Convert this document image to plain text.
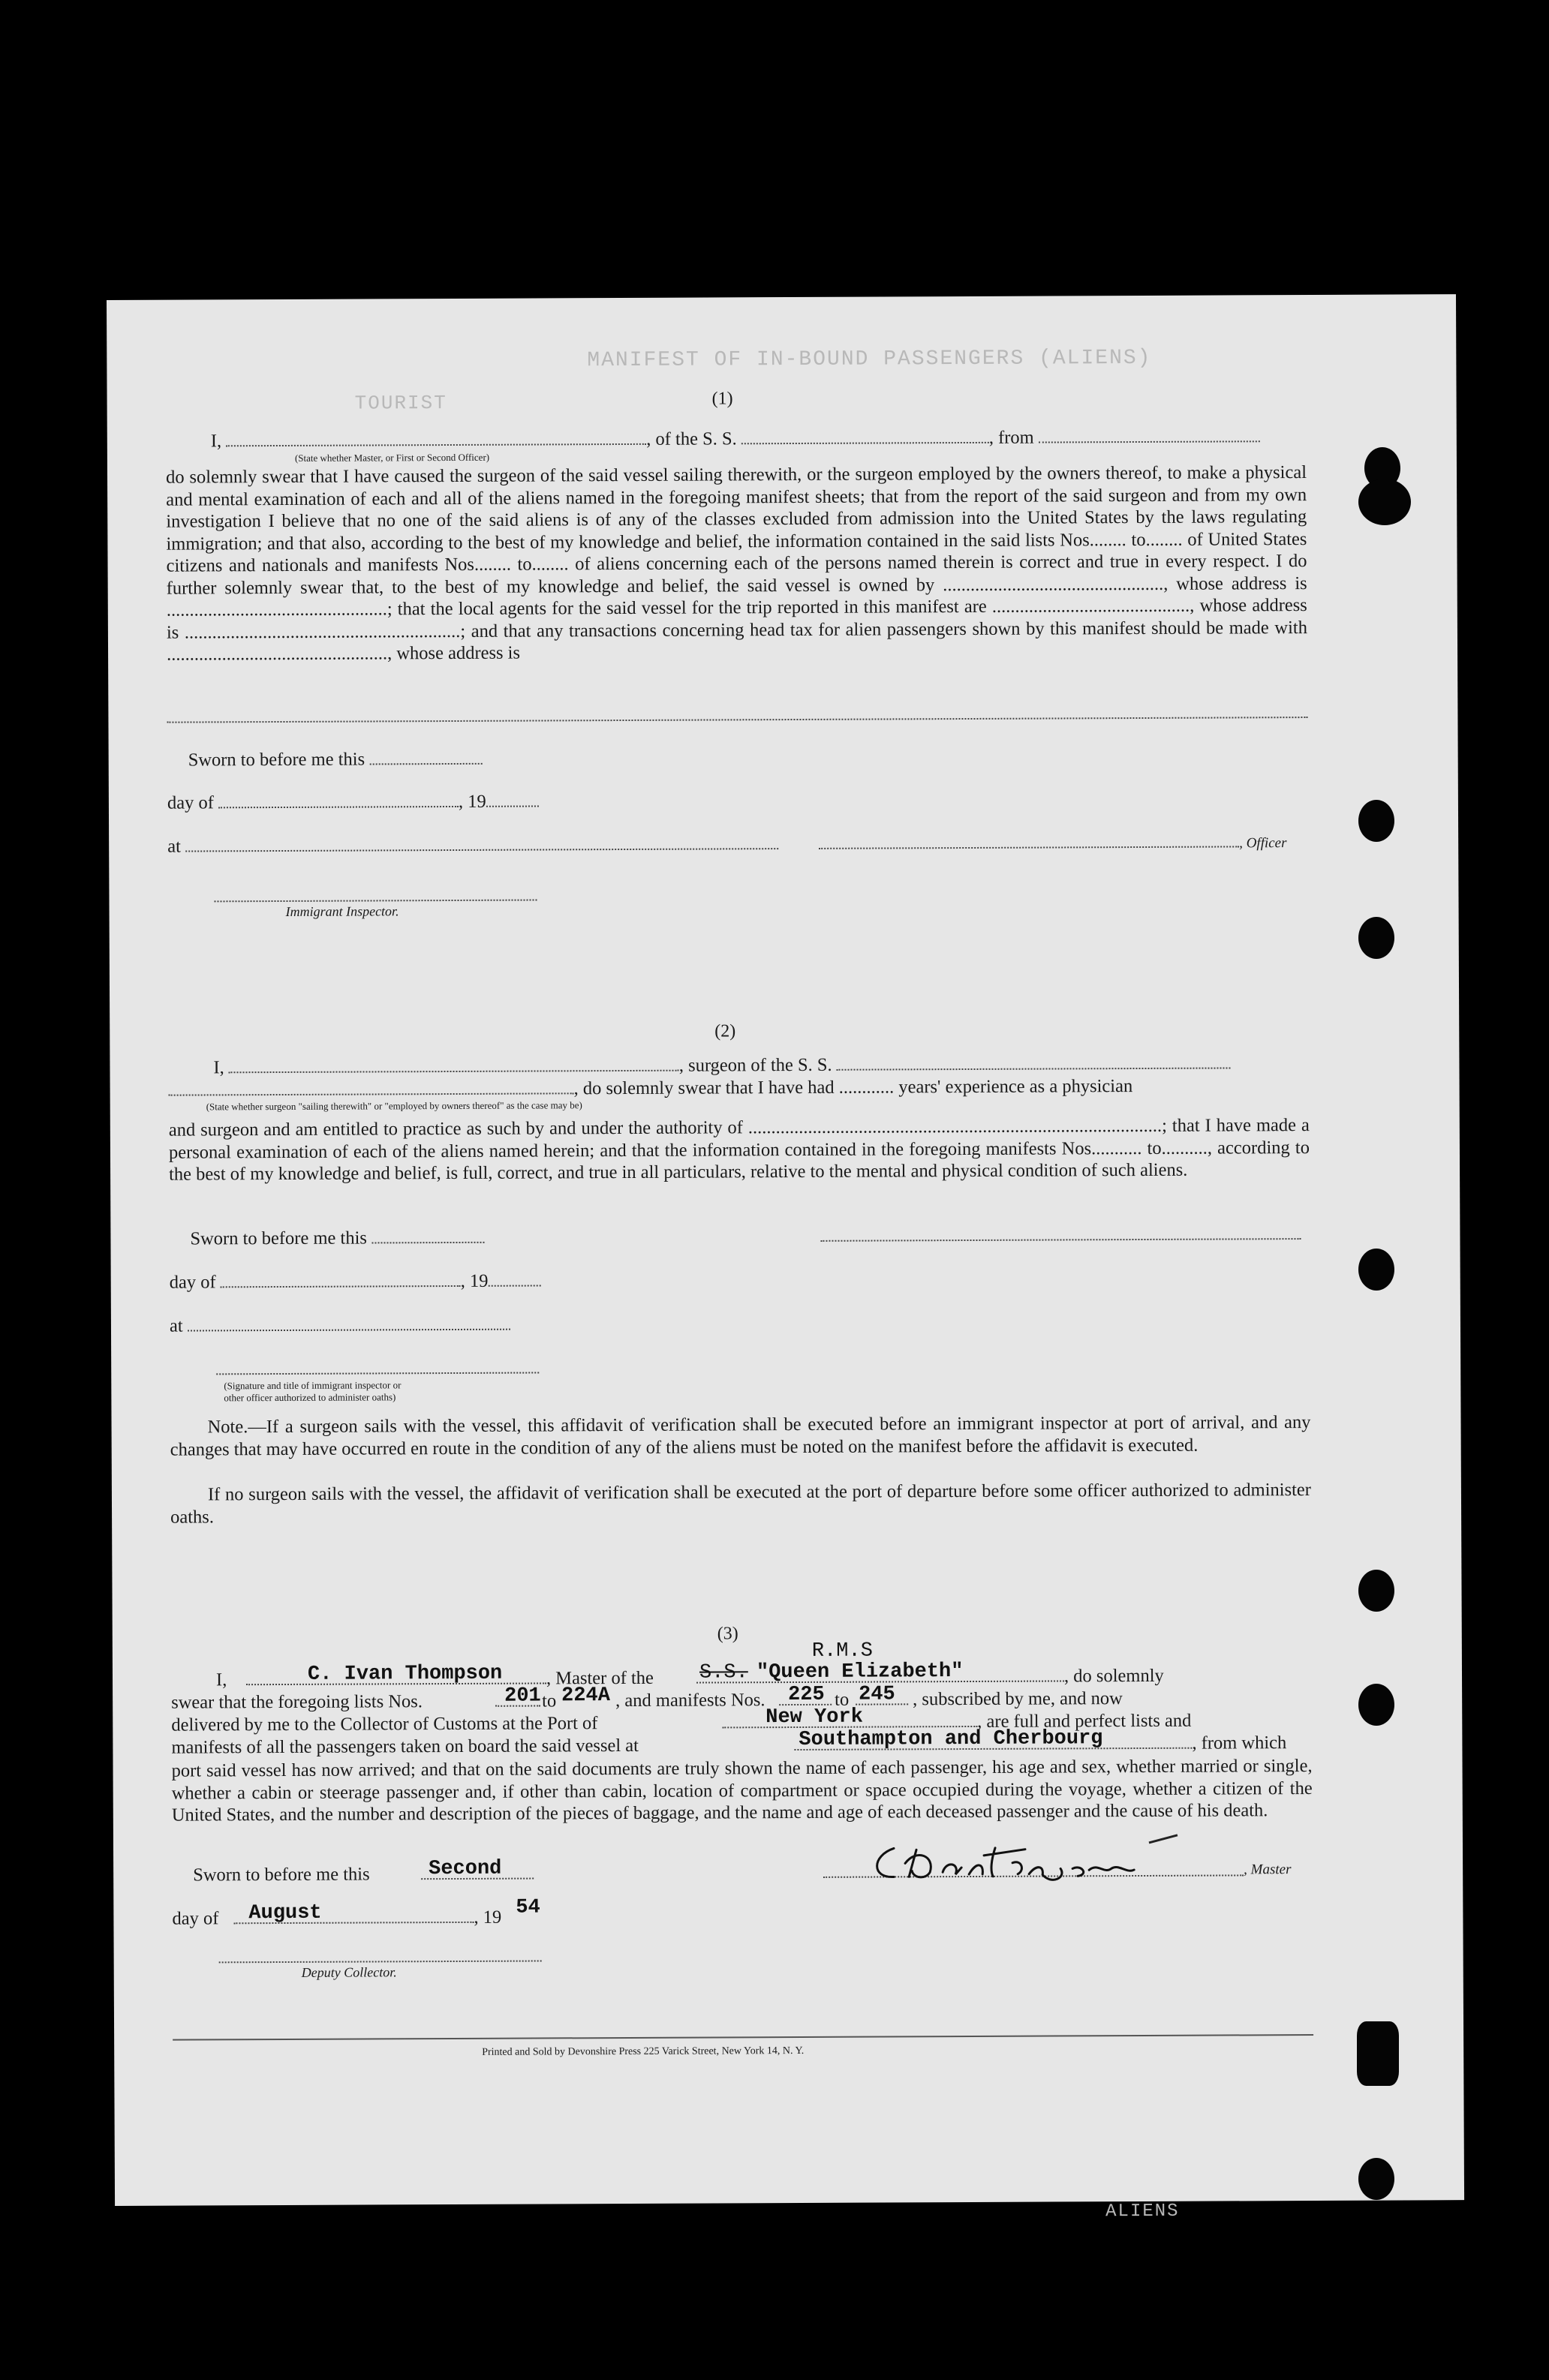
MANIFEST OF IN-BOUND PASSENGERS (ALIENS)
TOURIST	(1)
I,	, of the S. S.	, from
(State whether Master, or First or Second Officer)
do solemnly swear that I have caused the surgeon of the said vessel sailing therewith, or the surgeon employed by the owners thereof, to make a physical and mental examination of each and all of the aliens named in the foregoing manifest sheets; that from the report of the said surgeon and from my own investigation I believe that no one of the said aliens is of any of the classes excluded from admission into the United States by the laws regulating immigration; and that also, according to the best of my knowledge and belief, the information contained in the said lists Nos........ to........ of United States citizens and nationals and manifests Nos........ to........ of aliens concerning each of the persons named therein is correct and true in every respect. I do further solemnly swear that, to the best of my knowledge and belief, the said vessel is owned by ................................................, whose address is ................................................; that the local agents for the said vessel for the trip reported in this manifest are ..........................................., whose address is ............................................................; and that any transactions concerning head tax for alien passengers shown by this manifest should be made with ................................................, whose address is
Sworn to before me this
day of	, 19
at	, Officer
Immigrant Inspector.
(2)
I,	, surgeon of the S. S.
, do solemnly swear that I have had ............ years' experience as a physician
(State whether surgeon "sailing therewith" or "employed by owners thereof" as the case may be)
and surgeon and am entitled to practice as such by and under the authority of ..........................................................................................; that I have made a personal examination of each of the aliens named herein; and that the information contained in the foregoing manifests Nos........... to.........., according to the best of my knowledge and belief, is full, correct, and true in all particulars, relative to the mental and physical condition of such aliens.
Sworn to before me this
day of	, 19
at
(Signature and title of immigrant inspector or
other officer authorized to administer oaths)
Note.—If a surgeon sails with the vessel, this affidavit of verification shall be executed before an immigrant inspector at port of arrival, and any changes that may have occurred en route in the condition of any of the aliens must be noted on the manifest before the affidavit is executed.
If no surgeon sails with the vessel, the affidavit of verification shall be executed at the port of departure before some officer authorized to administer oaths.
(3)
R.M.S
I,	C. Ivan Thompson , Master of the S.S. "Queen Elizabeth"	, do solemnly
swear that the foregoing lists Nos.	201 to 224A , and manifests Nos. 225 to 245 , subscribed by me, and now
delivered by me to the Collector of Customs at the Port of	New York	, are full and perfect lists and
manifests of all the passengers taken on board the said vessel at	Southampton and Cherbourg	, from which
port said vessel has now arrived; and that on the said documents are truly shown the name of each passenger, his age and sex, whether married or single, whether a cabin or steerage passenger and, if other than cabin, location of compartment or space occupied during the voyage, whether a citizen of the United States, and the number and description of the pieces of baggage, and the name and age of each deceased passenger and the cause of his death.
Sworn to before me this	Second	, Master
day of August	, 19 54
Deputy Collector.
Printed and Sold by Devonshire Press 225 Varick Street, New York 14, N. Y.
ALIENS
